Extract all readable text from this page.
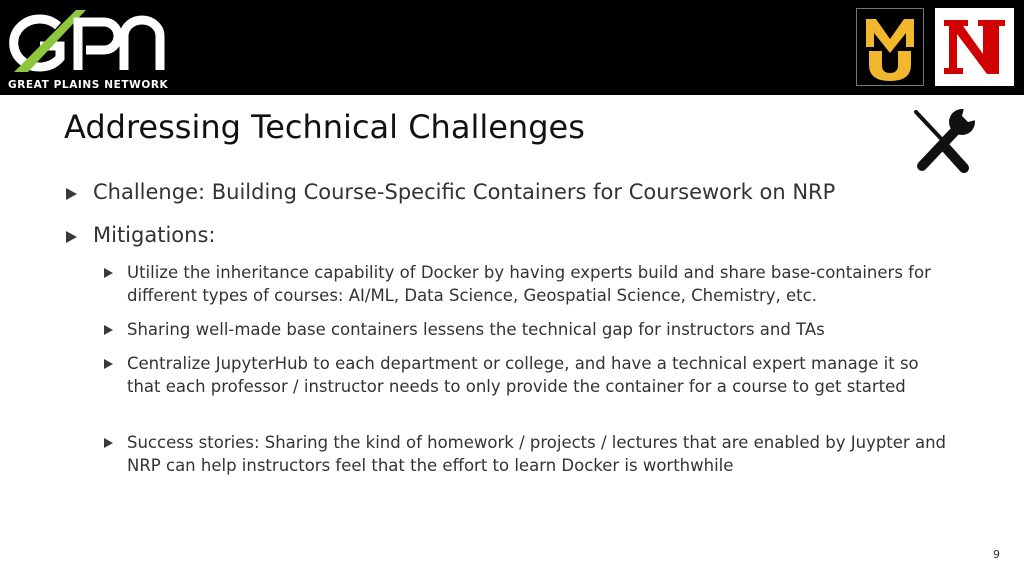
GREAT PLAINS NETWORK
Addressing Technical Challenges
Challenge: Building Course-Specific Containers for Coursework on NRP
Mitigations:
Utilize the inheritance capability of Docker by having experts build and share base-containers for different types of courses: AI/ML, Data Science, Geospatial Science, Chemistry, etc.
Sharing well-made base containers lessens the technical gap for instructors and TAs
Centralize JupyterHub to each department or college, and have a technical expert manage it so that each professor / instructor needs to only provide the container for a course to get started
Success stories: Sharing the kind of homework / projects / lectures that are enabled by Juypter and NRP can help instructors feel that the effort to learn Docker is worthwhile
9
